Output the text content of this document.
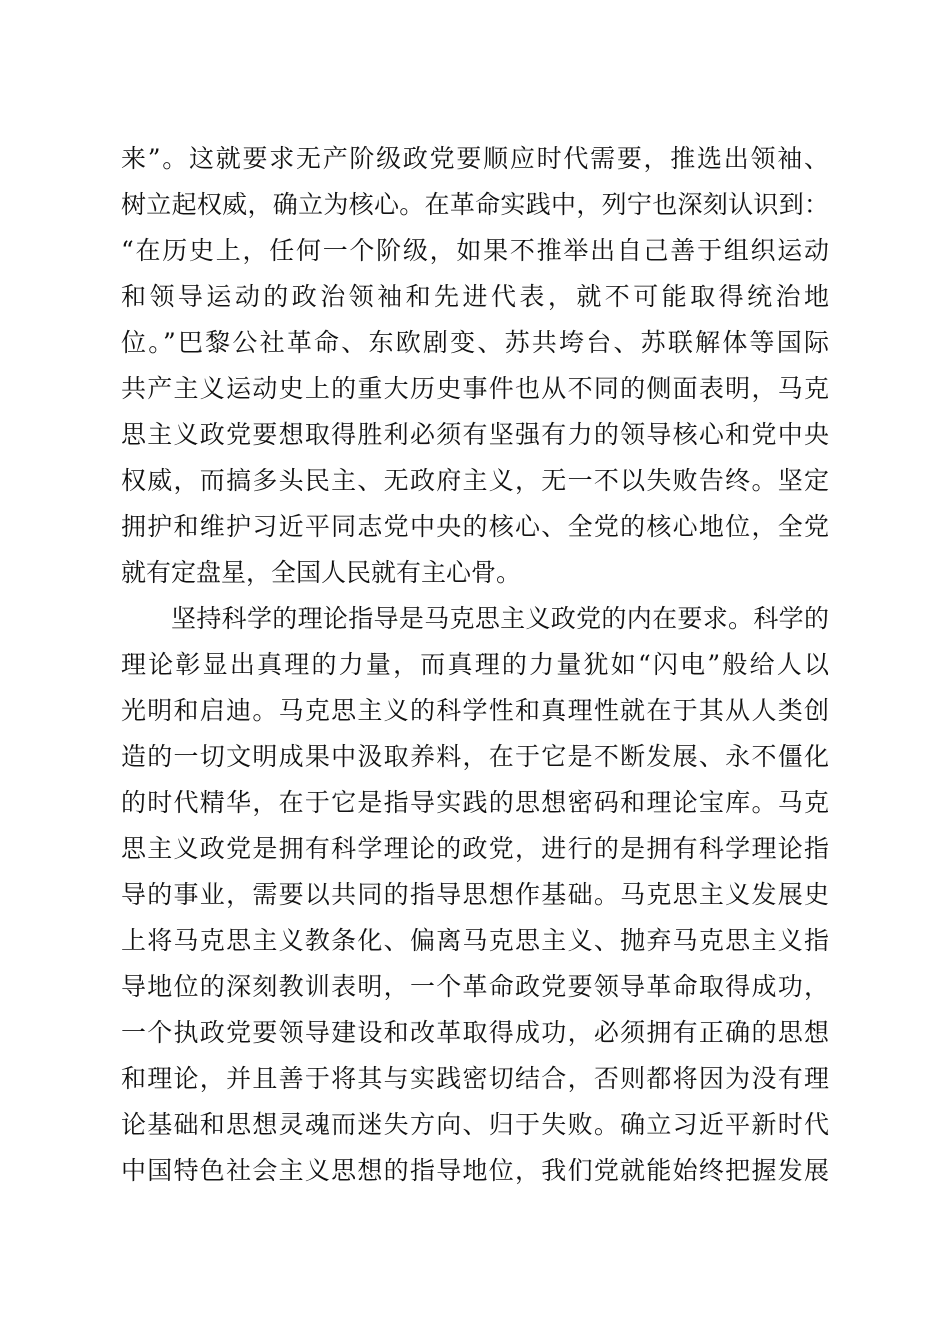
来”。这就要求无产阶级政党要顺应时代需要，推选出领袖、
树立起权威，确立为核心。在革命实践中，列宁也深刻认识到：
“在历史上，任何一个阶级，如果不推举出自己善于组织运动
和领导运动的政治领袖和先进代表，就不可能取得统治地
位。”巴黎公社革命、东欧剧变、苏共垮台、苏联解体等国际
共产主义运动史上的重大历史事件也从不同的侧面表明，马克
思主义政党要想取得胜利必须有坚强有力的领导核心和党中央
权威，而搞多头民主、无政府主义，无一不以失败告终。坚定
拥护和维护习近平同志党中央的核心、全党的核心地位，全党
就有定盘星，全国人民就有主心骨。
坚持科学的理论指导是马克思主义政党的内在要求。科学的
理论彰显出真理的力量，而真理的力量犹如“闪电”般给人以
光明和启迪。马克思主义的科学性和真理性就在于其从人类创
造的一切文明成果中汲取养料，在于它是不断发展、永不僵化
的时代精华，在于它是指导实践的思想密码和理论宝库。马克
思主义政党是拥有科学理论的政党，进行的是拥有科学理论指
导的事业，需要以共同的指导思想作基础。马克思主义发展史
上将马克思主义教条化、偏离马克思主义、抛弃马克思主义指
导地位的深刻教训表明，一个革命政党要领导革命取得成功，
一个执政党要领导建设和改革取得成功，必须拥有正确的思想
和理论，并且善于将其与实践密切结合，否则都将因为没有理
论基础和思想灵魂而迷失方向、归于失败。确立习近平新时代
中国特色社会主义思想的指导地位，我们党就能始终把握发展
